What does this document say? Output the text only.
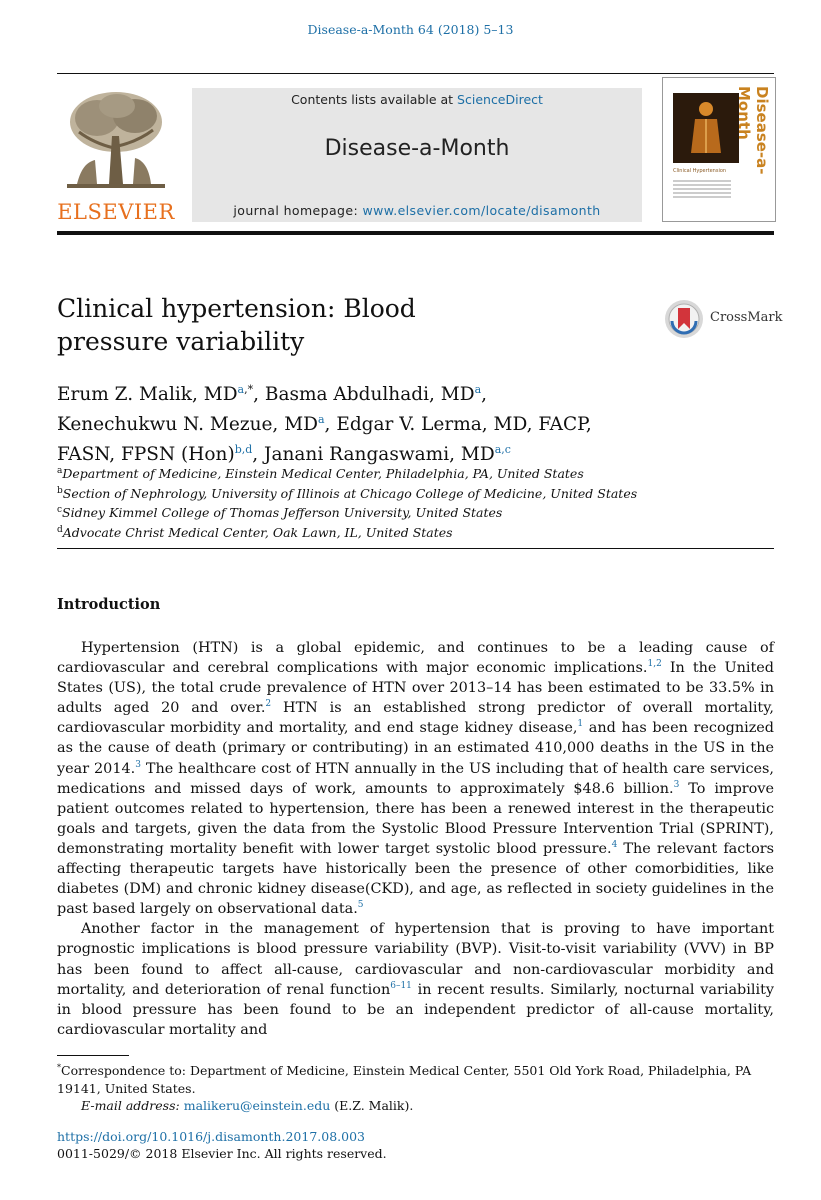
Disease-a-Month 64 (2018) 5–13
ELSEVIER
Contents lists available at ScienceDirect
Disease-a-Month
journal homepage: www.elsevier.com/locate/disamonth
Disease-a-Month
Clinical Hypertension
Clinical hypertension: Blood
pressure variability
CrossMark
Erum Z. Malik, $MD^{a,*}$, Basma Abdulhadi, $MD^a$,
Kenechukwu N. Mezue, $MD^a$, Edgar V. Lerma, MD, FACP,
FASN, FPSN (Hon)$^{b,d}$, Janani Rangaswami, MD$^{a,c}$
$^a$Department of Medicine, Einstein Medical Center, Philadelphia, PA, United States
$^b$Section of Nephrology, University of Illinois at Chicago College of Medicine, United States
$^c$Sidney Kimmel College of Thomas Jefferson University, United States
$^d$Advocate Christ Medical Center, Oak Lawn, IL, United States
Introduction

Hypertension (HTN) is a global epidemic, and continues to be a leading cause of cardiovascular and cerebral complications with major economic implications.$^{1,2}$ In the United States (US), the total crude prevalence of HTN over 2013–14 has been estimated to be 33.5% in adults aged 20 and over.$^2$ HTN is an established strong predictor of overall mortality, cardiovascular morbidity and mortality, and end stage kidney disease,$^1$ and has been recognized as the cause of death (primary or contributing) in an estimated 410,000 deaths in the US in the year 2014.$^3$ The healthcare cost of HTN annually in the US including that of health care services, medications and missed days of work, amounts to approximately $48.6 billion.$^3$ To improve patient outcomes related to hypertension, there has been a renewed interest in the therapeutic goals and targets, given the data from the Systolic Blood Pressure Intervention Trial (SPRINT), demonstrating mortality benefit with lower target systolic blood pressure.$^4$ The relevant factors affecting therapeutic targets have historically been the presence of other comorbidities, like diabetes (DM) and chronic kidney disease(CKD), and age, as reflected in society guidelines in the past based largely on observational data.$^5$

Another factor in the management of hypertension that is proving to have important prognostic implications is blood pressure variability (BVP). Visit-to-visit variability (VVV) in BP has been found to affect all-cause, cardiovascular and non-cardiovascular morbidity and mortality, and deterioration of renal function$^{6-11}$ in recent results. Similarly, nocturnal variability in blood pressure has been found to be an independent predictor of all-cause mortality, cardiovascular mortality and

*Correspondence to: Department of Medicine, Einstein Medical Center, 5501 Old York Road, Philadelphia, PA 19141, United States.
E-mail address: malikeru@einstein.edu (E.Z. Malik).
https://doi.org/10.1016/j.disamonth.2017.08.003
0011-5029/© 2018 Elsevier Inc. All rights reserved.
